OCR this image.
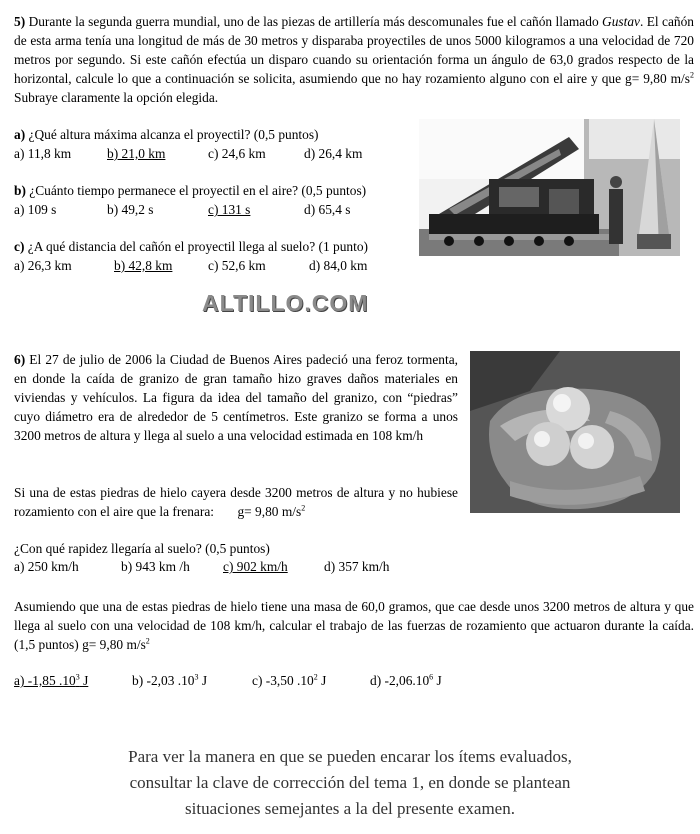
5) Durante la segunda guerra mundial, uno de las piezas de artillería más descomunales fue el cañón llamado Gustav. El cañón de esta arma tenía una longitud de más de 30 metros y disparaba proyectiles de unos 5000 kilogramos a una velocidad de 720 metros por segundo. Si este cañón efectúa un disparo cuando su orientación forma un ángulo de 63,0 grados respecto de la horizontal, calcule lo que a continuación se solicita, asumiendo que no hay rozamiento alguno con el aire y que g= 9,80 $m/s^2$ Subraye claramente la opción elegida.

a) ¿Qué altura máxima alcanza el proyectil? (0,5 puntos)
a) 11,8 km	b) 21,0 km	c) 24,6 km	d) 26,4 km
b) ¿Cuánto tiempo permanece el proyectil en el aire? (0,5 puntos)
a) 109 s	b) 49,2 s	c) 131 s	d) 65,4 s
c) ¿A qué distancia del cañón el proyectil llega al suelo? (1 punto)
a) 26,3 km	b) 42,8 km	c) 52,6 km	d) 84,0 km
ALTILLO.COM

6) El 27 de julio de 2006 la Ciudad de Buenos Aires padeció una feroz tormenta, en donde la caída de granizo de gran tamaño hizo graves daños materiales en viviendas y vehículos. La figura da idea del tamaño del granizo, con “piedras” cuyo diámetro era de alrededor de 5 centímetros. Este granizo se forma a unos 3200 metros de altura y llega al suelo a una velocidad estimada en 108 km/h

Si una de estas piedras de hielo cayera desde 3200 metros de altura y no hubiese rozamiento con el aire que la frenara: g= 9,80 $m/s^2$

¿Con qué rapidez llegaría al suelo? (0,5 puntos)
a) 250 km/h	b) 943 km /h c) 902 km/h	d) 357 km/h

Asumiendo que una de estas piedras de hielo tiene una masa de 60,0 gramos, que cae desde unos 3200 metros de altura y que llega al suelo con una velocidad de 108 km/h, calcular el trabajo de las fuerzas de rozamiento que actuaron durante la caída. (1,5 puntos) g= 9,80 $m/s^2$

a) -1,85 $.10^3$ J	b) -2,03 $.10^3$ J	c) -3,50 $.10^2$ J	d) -2,06.10$^6$ J
Para ver la manera en que se pueden encarar los ítems evaluados,
consultar la clave de corrección del tema 1, en donde se plantean
situaciones semejantes a la del presente examen.
